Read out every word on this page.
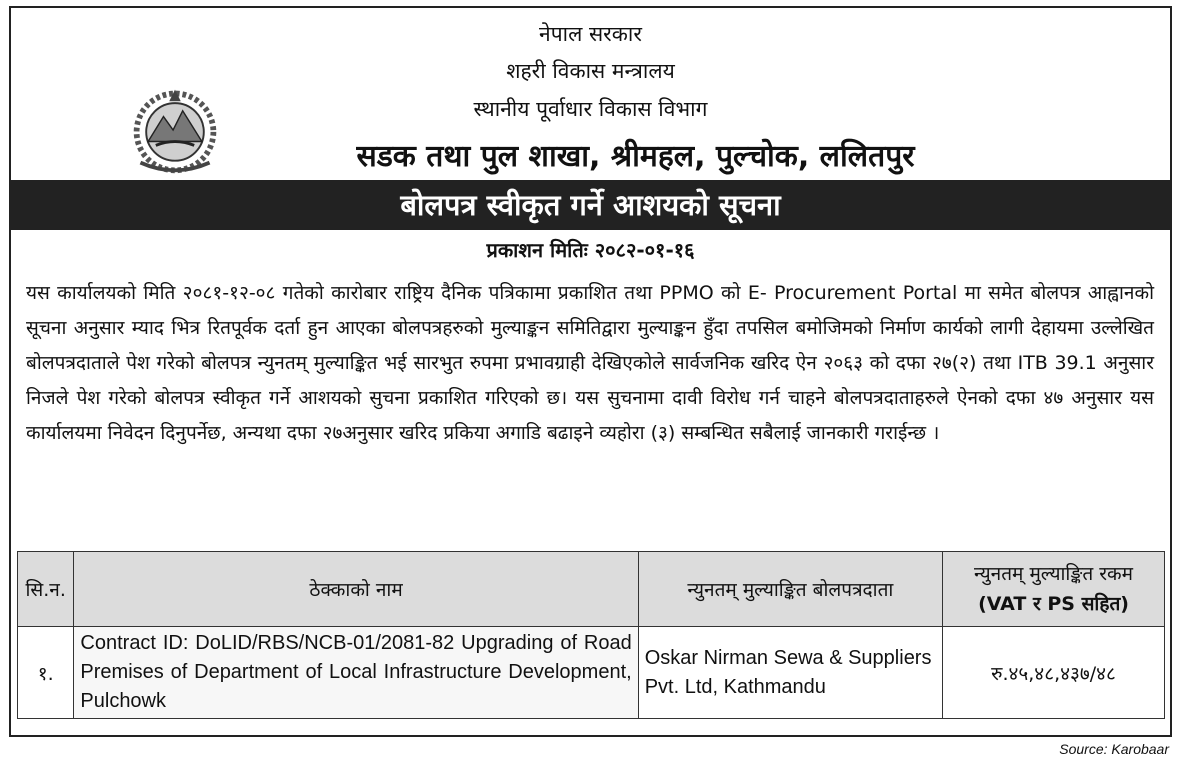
नेपाल सरकार
शहरी विकास मन्त्रालय
स्थानीय पूर्वाधार विकास विभाग
सडक तथा पुल शाखा, श्रीमहल, पुल्चोक, ललितपुर
बोलपत्र स्वीकृत गर्ने आशयको सूचना
प्रकाशन मितिः २०८२-०१-१६

यस कार्यालयको मिति २०८१-१२-०८ गतेको कारोबार राष्ट्रिय दैनिक पत्रिकामा प्रकाशित तथा PPMO को E- Procurement Portal मा समेत बोलपत्र आह्वानको सूचना अनुसार म्याद भित्र रितपूर्वक दर्ता हुन आएका बोलपत्रहरुको मुल्याङ्कन समितिद्वारा मुल्याङ्कन हुँदा तपसिल बमोजिमको निर्माण कार्यको लागी देहायमा उल्लेखित बोलपत्रदाताले पेश गरेको बोलपत्र न्युनतम् मुल्याङ्कित भई सारभुत रुपमा प्रभावग्राही देखिएकोले सार्वजनिक खरिद ऐन २०६३ को दफा २७(२) तथा ITB 39.1 अनुसार निजले पेश गरेको बोलपत्र स्वीकृत गर्ने आशयको सुचना प्रकाशित गरिएको छ। यस सुचनामा दावी विरोध गर्न चाहने बोलपत्रदाताहरुले ऐनको दफा ४७ अनुसार यस कार्यालयमा निवेदन दिनुपर्नेछ, अन्यथा दफा २७अनुसार खरिद प्रकिया अगाडि बढाइने व्यहोरा (३) सम्बन्धित सबैलाई जानकारी गराईन्छ ।

सि.न.	ठेक्काको नाम	न्युनतम् मुल्याङ्कित बोलपत्रदाता	न्युनतम् मुल्याङ्कित रकम
(VAT र PS सहित)

१.	Contract ID: DoLID/RBS/NCB-01/2081-82 Upgrading of Road Premises of Department of Local Infrastructure Development, Pulchowk	Oskar Nirman Sewa & Suppliers Pvt. Ltd, Kathmandu	रु.४५,४८,४३७/४८
Source: Karobaar
